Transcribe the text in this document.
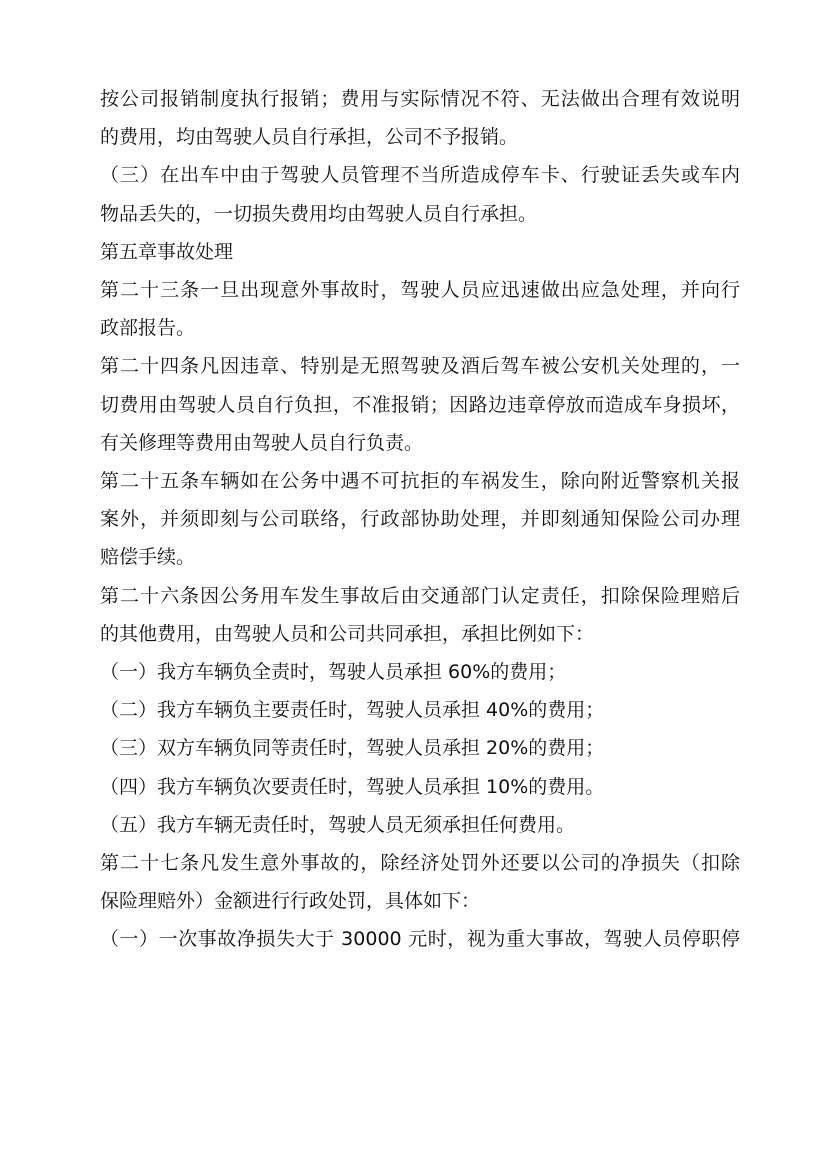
按公司报销制度执行报销；费用与实际情况不符、无法做出合理有效说明

的费用，均由驾驶人员自行承担，公司不予报销。

（三）在出车中由于驾驶人员管理不当所造成停车卡、行驶证丢失或车内

物品丢失的，一切损失费用均由驾驶人员自行承担。

第五章事故处理

第二十三条一旦出现意外事故时，驾驶人员应迅速做出应急处理，并向行

政部报告。

第二十四条凡因违章、特别是无照驾驶及酒后驾车被公安机关处理的，一

切费用由驾驶人员自行负担，不准报销；因路边违章停放而造成车身损坏，

有关修理等费用由驾驶人员自行负责。

第二十五条车辆如在公务中遇不可抗拒的车祸发生，除向附近警察机关报

案外，并须即刻与公司联络，行政部协助处理，并即刻通知保险公司办理

赔偿手续。

第二十六条因公务用车发生事故后由交通部门认定责任，扣除保险理赔后

的其他费用，由驾驶人员和公司共同承担，承担比例如下：

（一）我方车辆负全责时，驾驶人员承担 60%的费用；

（二）我方车辆负主要责任时，驾驶人员承担 40%的费用；

（三）双方车辆负同等责任时，驾驶人员承担 20%的费用；

（四）我方车辆负次要责任时，驾驶人员承担 10%的费用。

（五）我方车辆无责任时，驾驶人员无须承担任何费用。

第二十七条凡发生意外事故的，除经济处罚外还要以公司的净损失（扣除

保险理赔外）金额进行行政处罚，具体如下：

（一）一次事故净损失大于 30000 元时，视为重大事故，驾驶人员停职停
